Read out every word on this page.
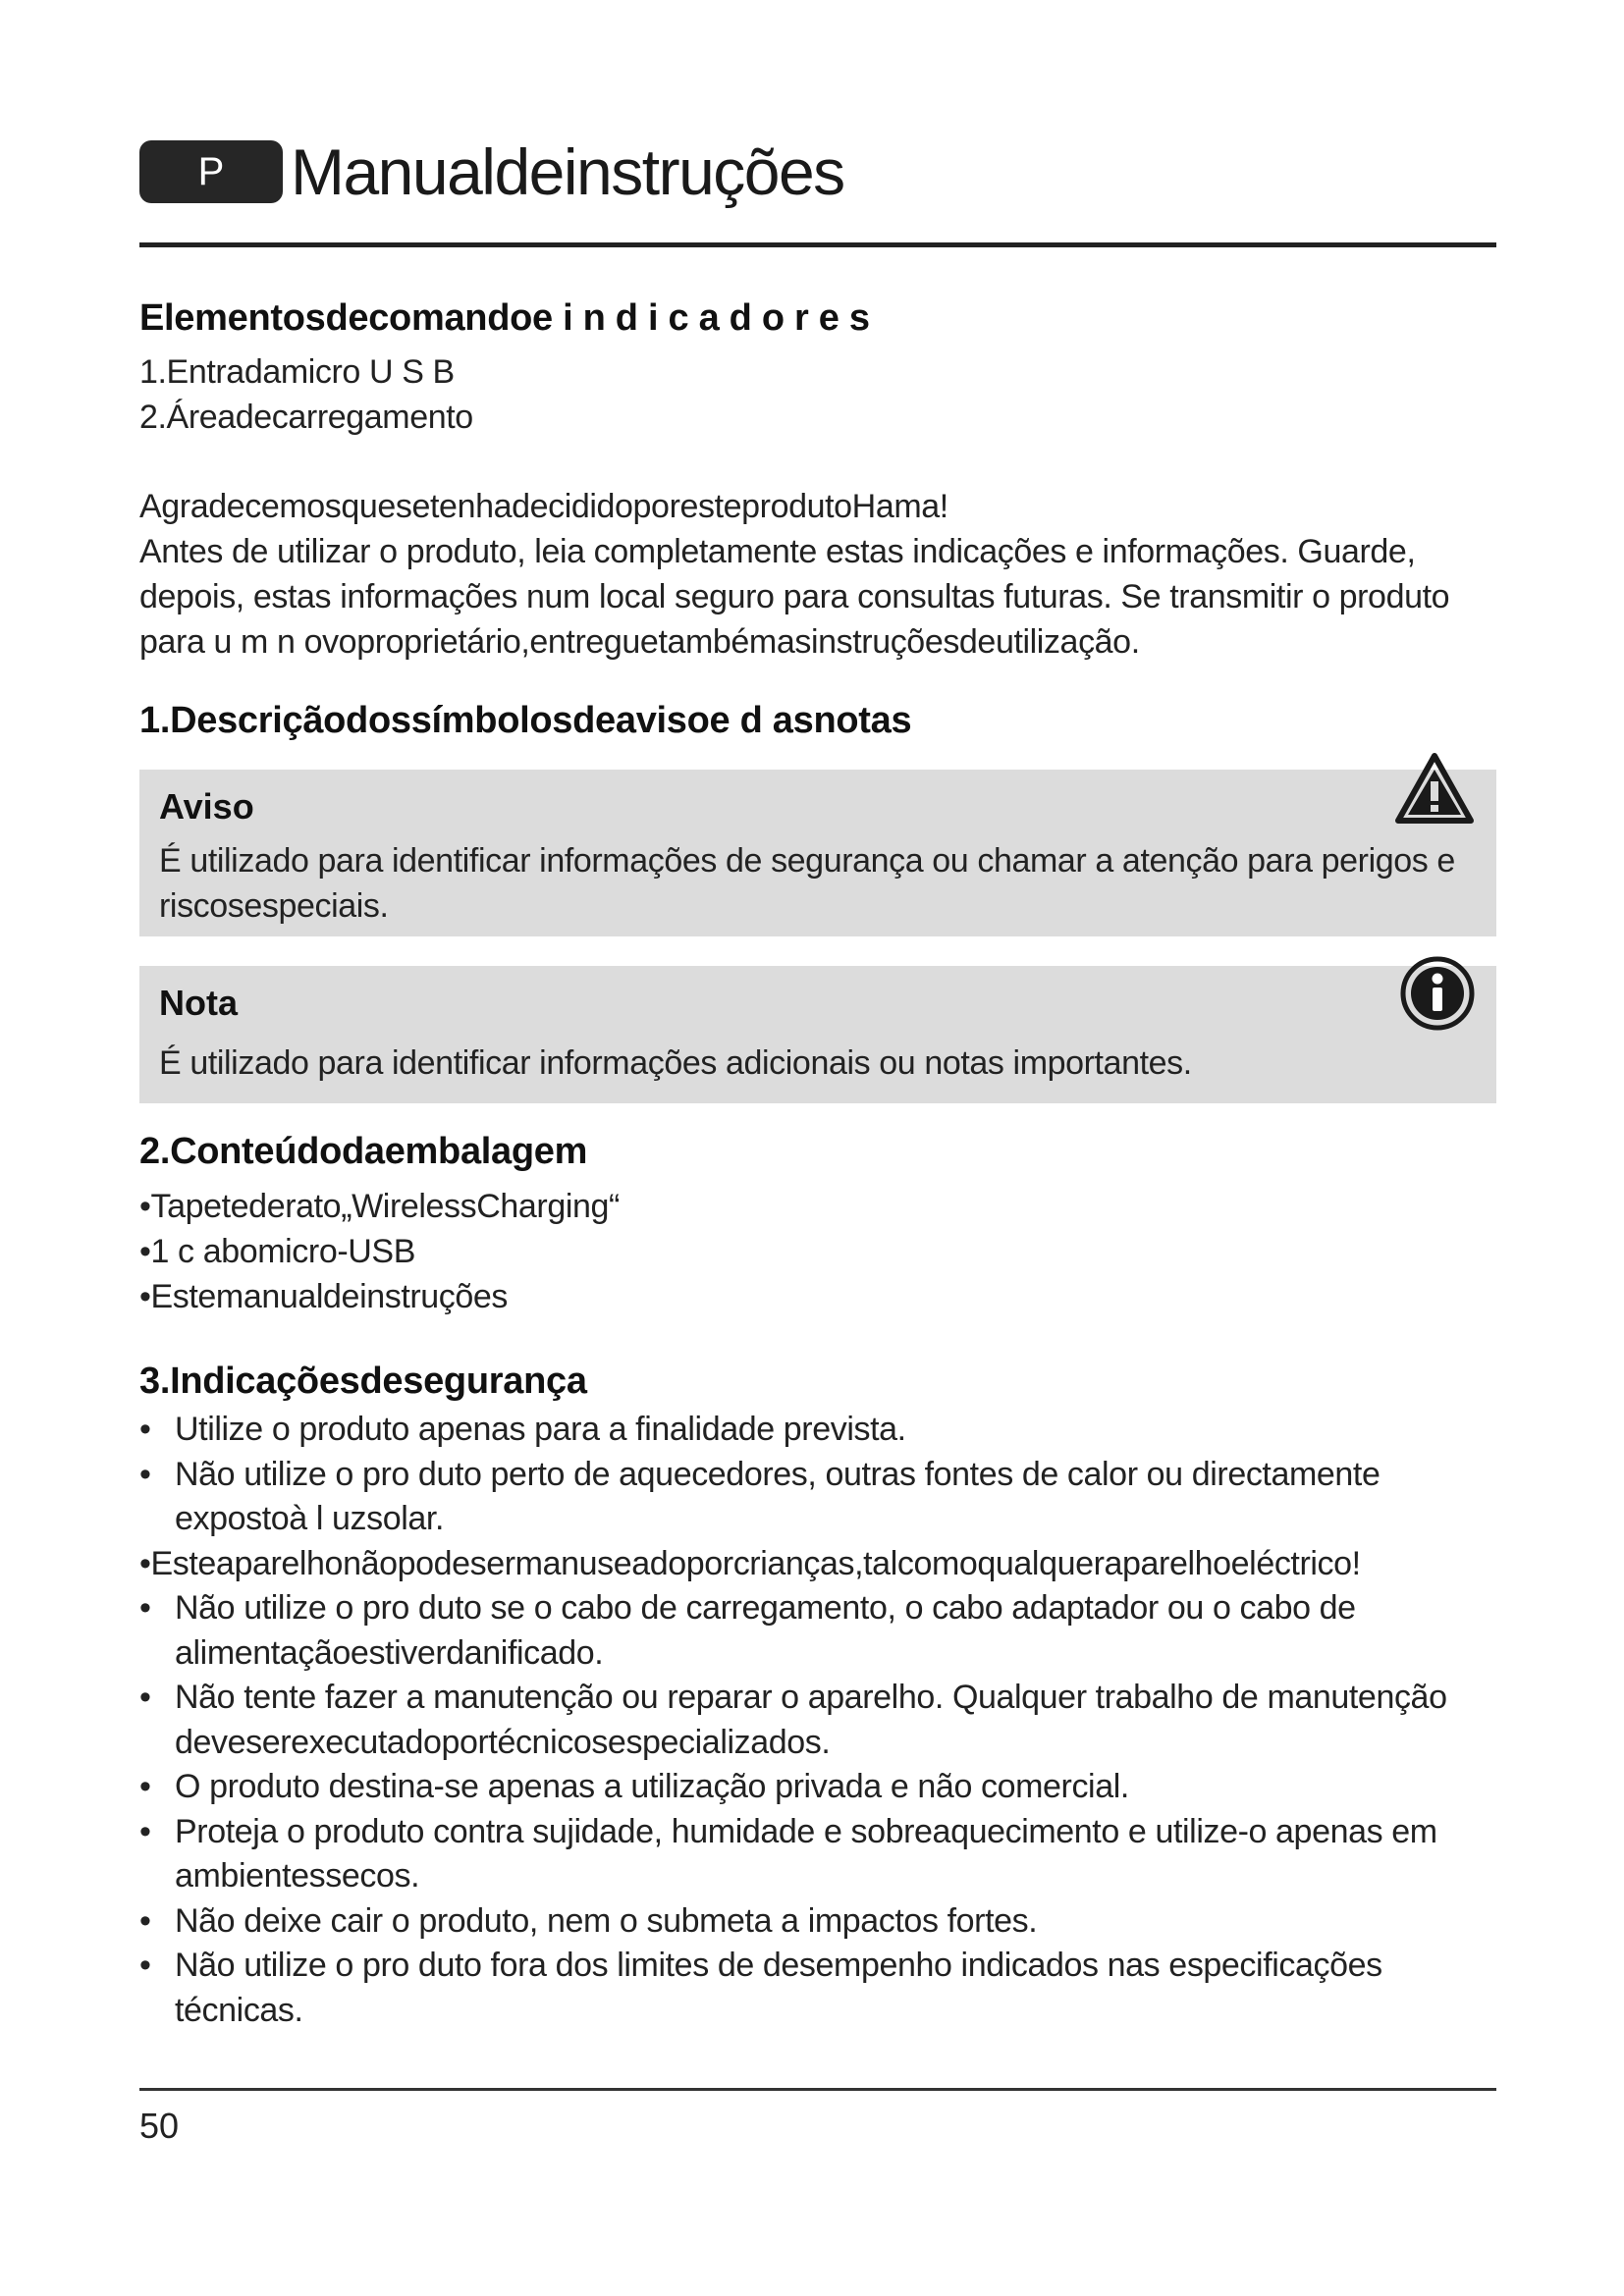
P	Manualdeinstruções
Elementosdecomandoe i n d i c a d o r e s
1.Entradamicro U S B
2.Áreadecarregamento
AgradecemosquesetenhadecididoporesteprodutoHama!
Antes de utilizar o produto, leia completamente estas indicações e informações. Guarde,
depois, estas informações num local seguro para consultas futuras. Se transmitir o produto
para u m n ovoproprietário,entreguetambémasinstruçõesdeutilização.
1.Descriçãodossímbolosdeavisoe d asnotas
Aviso
É utilizado para identificar informações de segurança ou chamar a atenção para perigos e
riscosespeciais.
Nota
É utilizado para identificar informações adicionais ou notas importantes.
2.Conteúdodaembalagem
•Tapetederato„WirelessCharging“
•1 c abomicro-USB
•Estemanualdeinstruções
3.Indicaçõesdesegurança
• Utilize o produto apenas para a finalidade prevista.
• Não utilize o pro duto perto de aquecedores, outras fontes de calor ou directamente
expostoà l uzsolar.
•Esteaparelhonãopodesermanuseadoporcrianças,talcomoqualqueraparelhoeléctrico!
• Não utilize o pro duto se o cabo de carregamento, o cabo adaptador ou o cabo de
alimentaçãoestiverdanificado.
• Não tente fazer a manutenção ou reparar o aparelho. Qualquer trabalho de manutenção
deveserexecutadoportécnicosespecializados.
• O produto destina-se apenas a utilização privada e não comercial.
• Proteja o produto contra sujidade, humidade e sobreaquecimento e utilize-o apenas em
ambientessecos.
• Não deixe cair o produto, nem o submeta a impactos fortes.
• Não utilize o pro duto fora dos limites de desempenho indicados nas especificações
técnicas.
50
